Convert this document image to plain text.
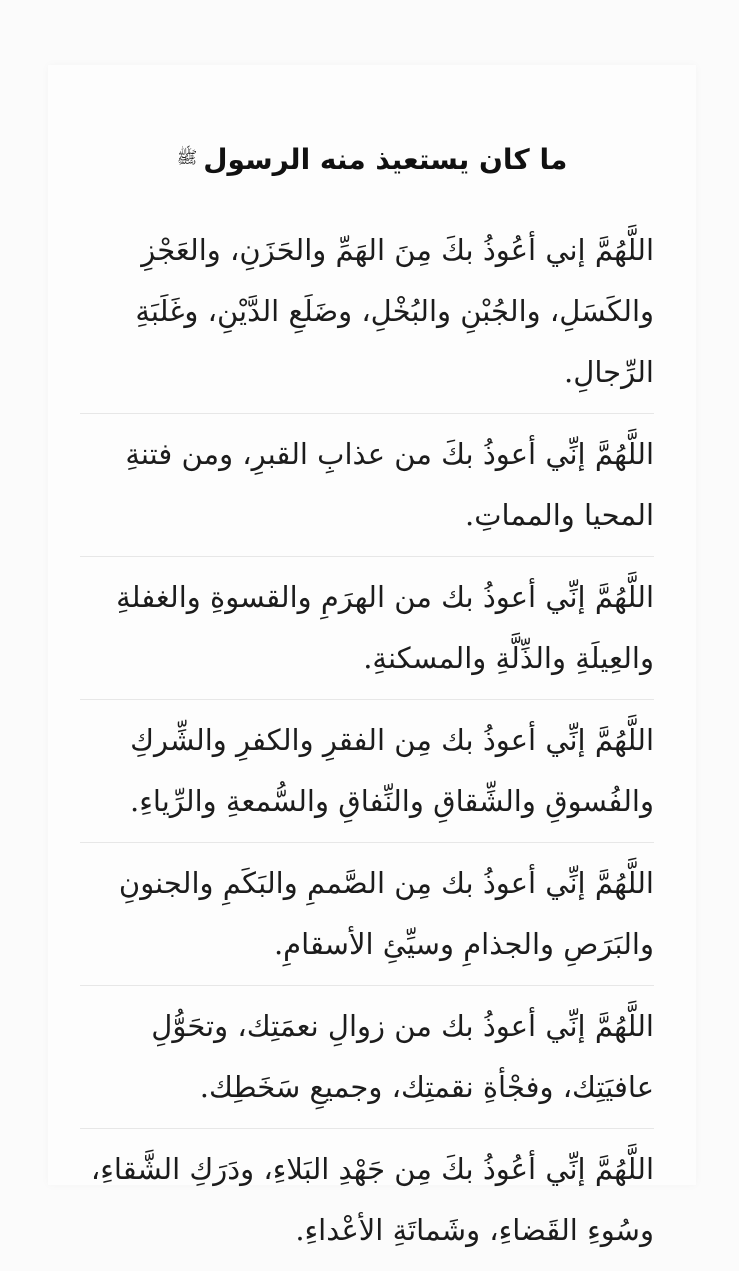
ما كان يستعيذ منه الرسول$^ﷺ$
اللَّهُمَّ إني أعُوذُ بكَ مِنَ الهَمِّ والحَزَنِ، والعَجْزِ
والكَسَلِ، والجُبْنِ والبُخْلِ، وضَلَعِ الدَّيْنِ، وغَلَبَةِ
الرِّجالِ.
اللَّهُمَّ إنِّي أعوذُ بكَ من عذابِ القبرِ، ومن فتنةِ
المحيا والمماتِ.
اللَّهُمَّ إنِّي أعوذُ بك من الهرَمِ والقسوةِ والغفلةِ
والعِيلَةِ والذِّلَّةِ والمسكنةِ.
اللَّهُمَّ إنِّي أعوذُ بك مِن الفقرِ والكفرِ والشِّركِ
والفُسوقِ والشِّقاقِ والنِّفاقِ والسُّمعةِ والرِّياءِ.
اللَّهُمَّ إنِّي أعوذُ بك مِن الصَّممِ والبَكَمِ والجنونِ
والبَرَصِ والجذامِ وسيِّئِ الأسقامِ.
اللَّهُمَّ إنِّي أعوذُ بك من زوالِ نعمَتِك، وتحَوُّلِ
عافيَتِك، وفجْأةِ نقمتِك، وجميعِ سَخَطِك.
اللَّهُمَّ إنِّي أعُوذُ بكَ مِن جَهْدِ البَلاءِ، ودَرَكِ الشَّقاءِ،
وسُوءِ القَضاءِ، وشَماتَةِ الأعْداءِ.
